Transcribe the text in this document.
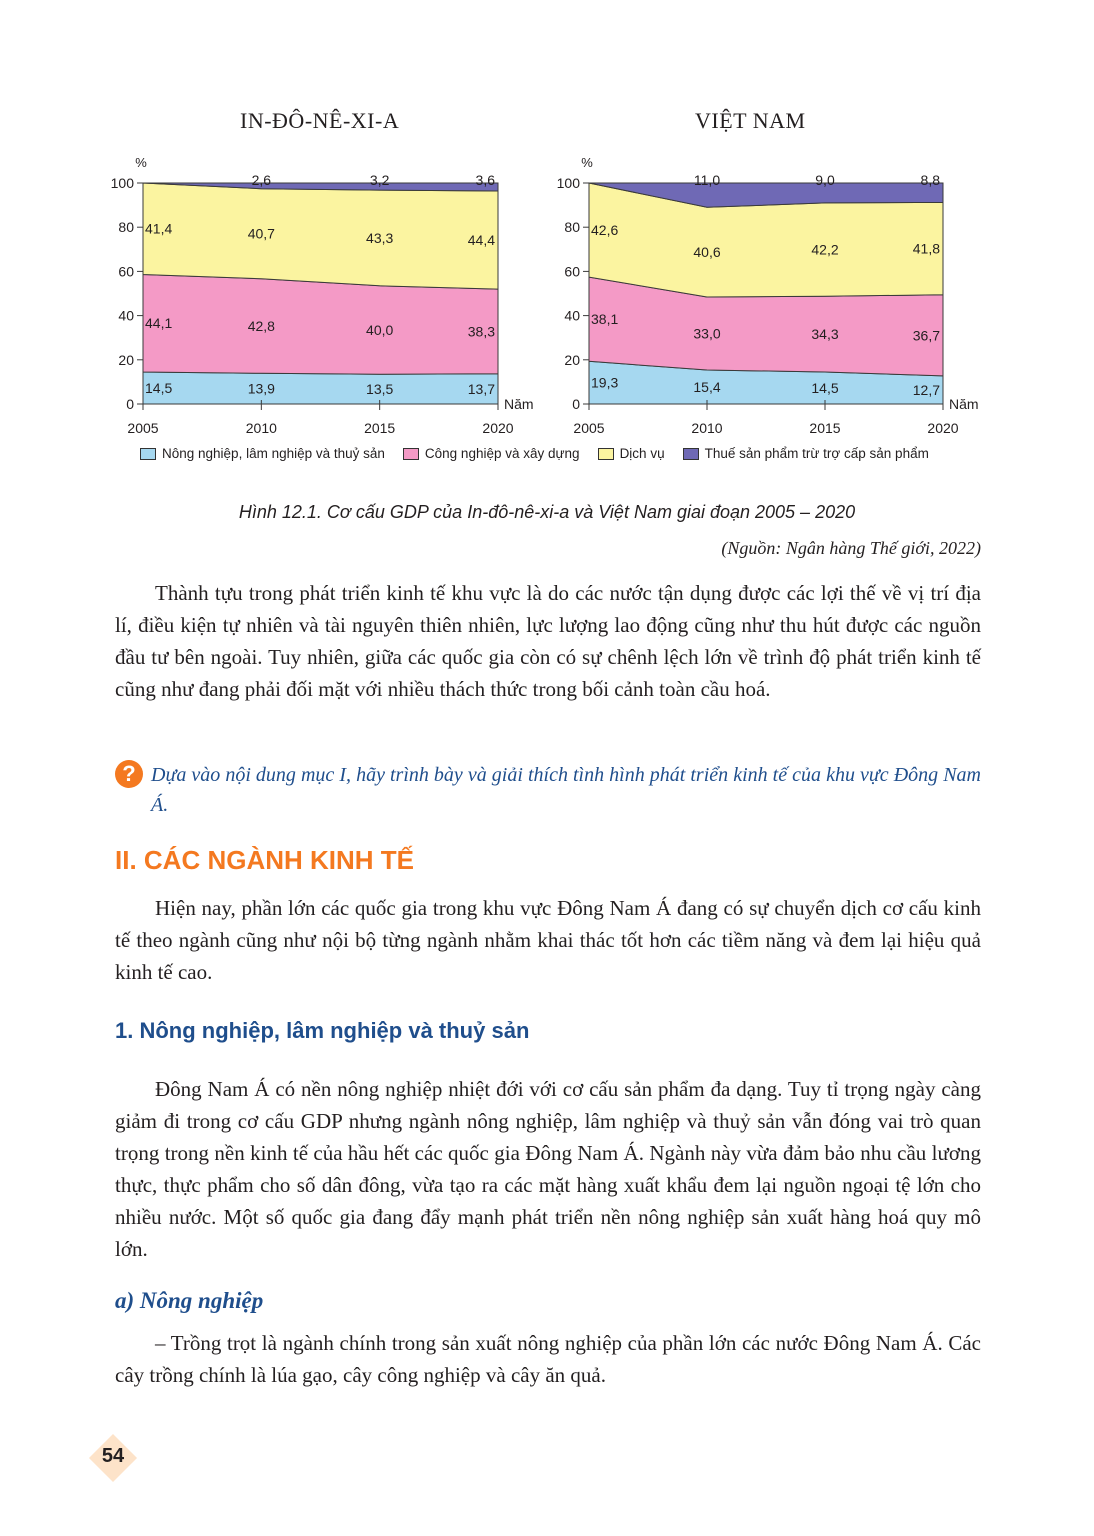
IN-ĐÔ-NÊ-XI-A	VIỆT NAM
0
20
40
60
80
100
2005	2010	2015	2020
%
Năm
14,5	13,9	13,5	13,7
44,1	42,8	40,0	38,3
41,4	40,7	43,3	44,4
2,6	3,2	3,6
0
20
40
60
80
100
2005	2010	2015	2020
%
Năm
19,3	15,4	14,5	12,7
38,1
33,0	34,3	36,7
42,6
40,6	42,2	41,8
11,0	9,0	8,8
Nông nghiệp, lâm nghiệp và thuỷ sản	Công nghiệp và xây dựng	Dịch vụ	Thuế sản phẩm trừ trợ cấp sản phẩm
Hình 12.1. Cơ cấu GDP của In-đô-nê-xi-a và Việt Nam giai đoạn 2005 – 2020
(Nguồn: Ngân hàng Thế giới, 2022)

Thành tựu trong phát triển kinh tế khu vực là do các nước tận dụng được các lợi thế về vị trí địa lí, điều kiện tự nhiên và tài nguyên thiên nhiên, lực lượng lao động cũng như thu hút được các nguồn đầu tư bên ngoài. Tuy nhiên, giữa các quốc gia còn có sự chênh lệch lớn về trình độ phát triển kinh tế cũng như đang phải đối mặt với nhiều thách thức trong bối cảnh toàn cầu hoá.

? Dựa vào nội dung mục I, hãy trình bày và giải thích tình hình phát triển kinh tế của khu vực Đông Nam Á.

II. CÁC NGÀNH KINH TẾ

Hiện nay, phần lớn các quốc gia trong khu vực Đông Nam Á đang có sự chuyển dịch cơ cấu kinh tế theo ngành cũng như nội bộ từng ngành nhằm khai thác tốt hơn các tiềm năng và đem lại hiệu quả kinh tế cao.

1. Nông nghiệp, lâm nghiệp và thuỷ sản

Đông Nam Á có nền nông nghiệp nhiệt đới với cơ cấu sản phẩm đa dạng. Tuy tỉ trọng ngày càng giảm đi trong cơ cấu GDP nhưng ngành nông nghiệp, lâm nghiệp và thuỷ sản vẫn đóng vai trò quan trọng trong nền kinh tế của hầu hết các quốc gia Đông Nam Á. Ngành này vừa đảm bảo nhu cầu lương thực, thực phẩm cho số dân đông, vừa tạo ra các mặt hàng xuất khẩu đem lại nguồn ngoại tệ lớn cho nhiều nước. Một số quốc gia đang đẩy mạnh phát triển nền nông nghiệp sản xuất hàng hoá quy mô lớn.

a) Nông nghiệp

– Trồng trọt là ngành chính trong sản xuất nông nghiệp của phần lớn các nước Đông Nam Á. Các cây trồng chính là lúa gạo, cây công nghiệp và cây ăn quả.

54
